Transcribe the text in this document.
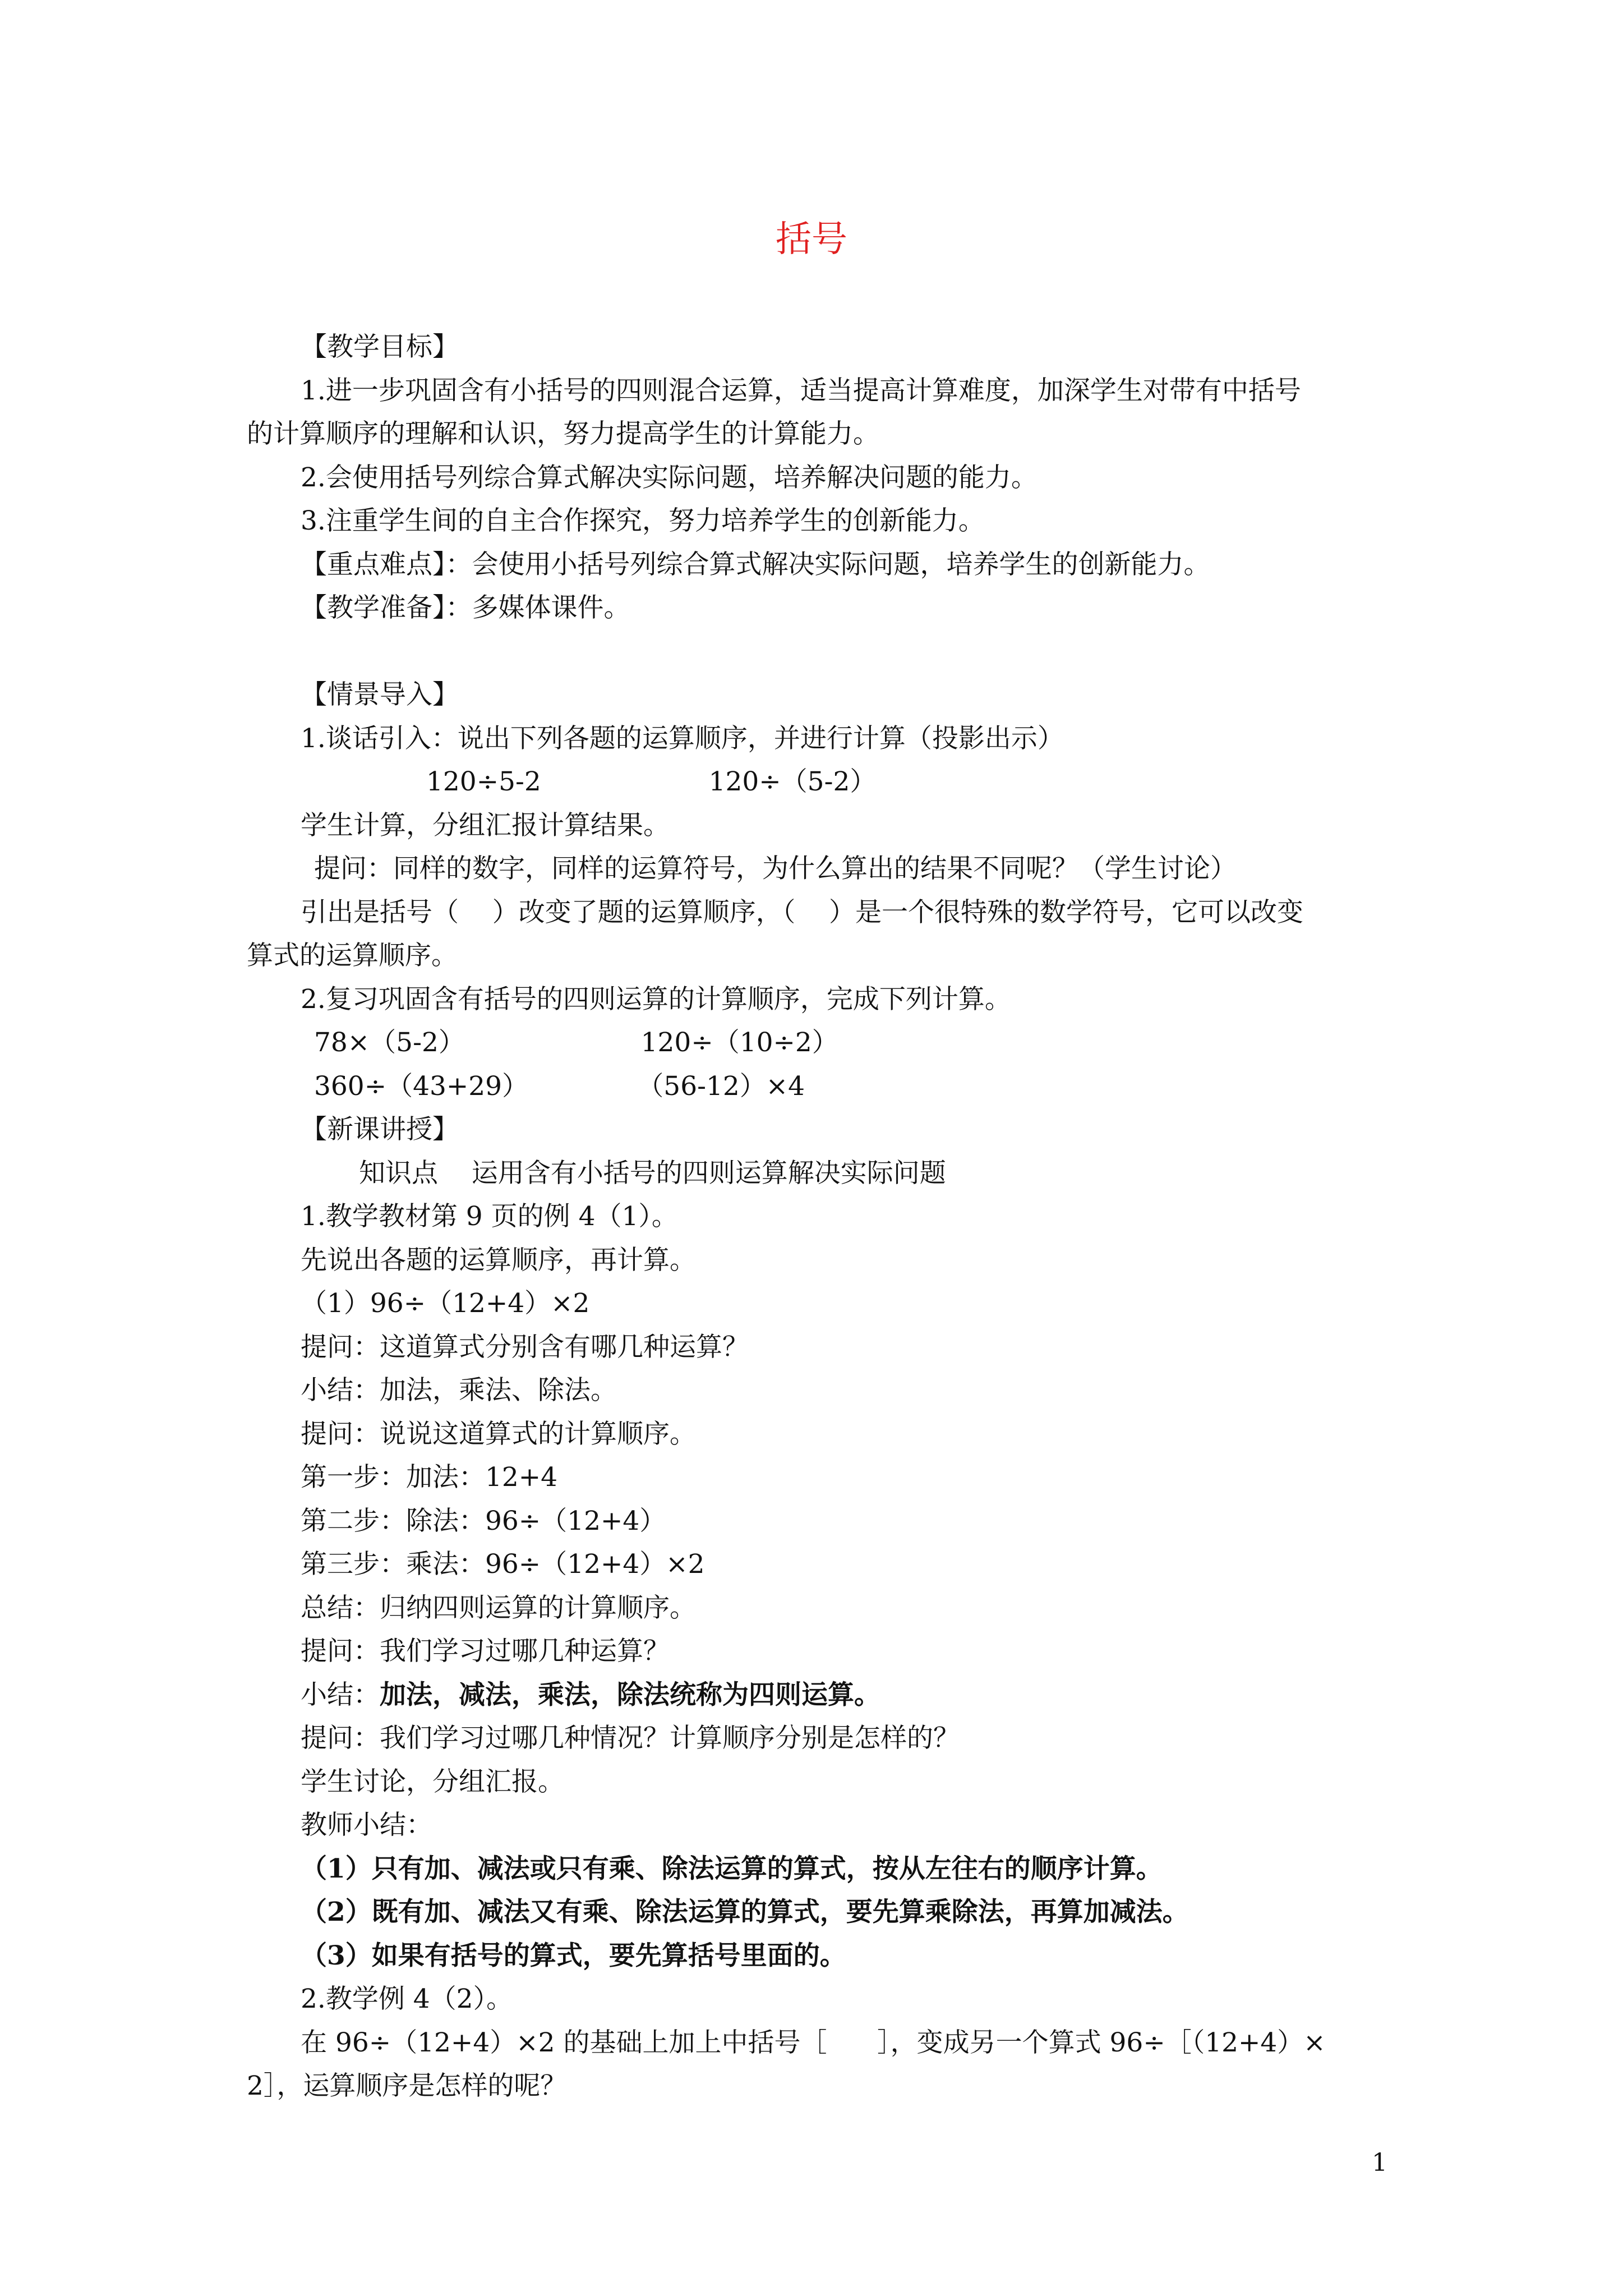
括号

【教学目标】

1.进一步巩固含有小括号的四则混合运算，适当提高计算难度，加深学生对带有中括号

的计算顺序的理解和认识，努力提高学生的计算能力。

2.会使用括号列综合算式解决实际问题，培养解决问题的能力。

3.注重学生间的自主合作探究，努力培养学生的创新能力。

【重点难点】：会使用小括号列综合算式解决实际问题，培养学生的创新能力。

【教学准备】：多媒体课件。

【情景导入】

1.谈话引入：说出下列各题的运算顺序，并进行计算（投影出示）

120÷5-2                    120÷（5-2）

学生计算，分组汇报计算结果。

提问：同样的数字，同样的运算符号，为什么算出的结果不同呢？（学生讨论）

引出是括号（    ）改变了题的运算顺序，（    ）是一个很特殊的数学符号，它可以改变

算式的运算顺序。

2.复习巩固含有括号的四则运算的计算顺序，完成下列计算。

78×（5-2）                     120÷（10÷2）

360÷（43+29）             （56-12）×4

【新课讲授】

知识点    运用含有小括号的四则运算解决实际问题

1.教学教材第 9 页的例 4（1）。

先说出各题的运算顺序，再计算。

（1）96÷（12+4）×2

提问：这道算式分别含有哪几种运算？

小结：加法，乘法、除法。

提问：说说这道算式的计算顺序。

第一步：加法：12+4

第二步：除法：96÷（12+4）

第三步：乘法：96÷（12+4）×2

总结：归纳四则运算的计算顺序。

提问：我们学习过哪几种运算？

小结：加法，减法，乘法，除法统称为四则运算。

提问：我们学习过哪几种情况？计算顺序分别是怎样的？

学生讨论，分组汇报。

教师小结：

（1）只有加、减法或只有乘、除法运算的算式，按从左往右的顺序计算。

（2）既有加、减法又有乘、除法运算的算式，要先算乘除法，再算加减法。

（3）如果有括号的算式，要先算括号里面的。

2.教学例 4（2）。

在 96÷（12+4）×2 的基础上加上中括号［      ］，变成另一个算式 96÷［（12+4）×

2］，运算顺序是怎样的呢？

1
